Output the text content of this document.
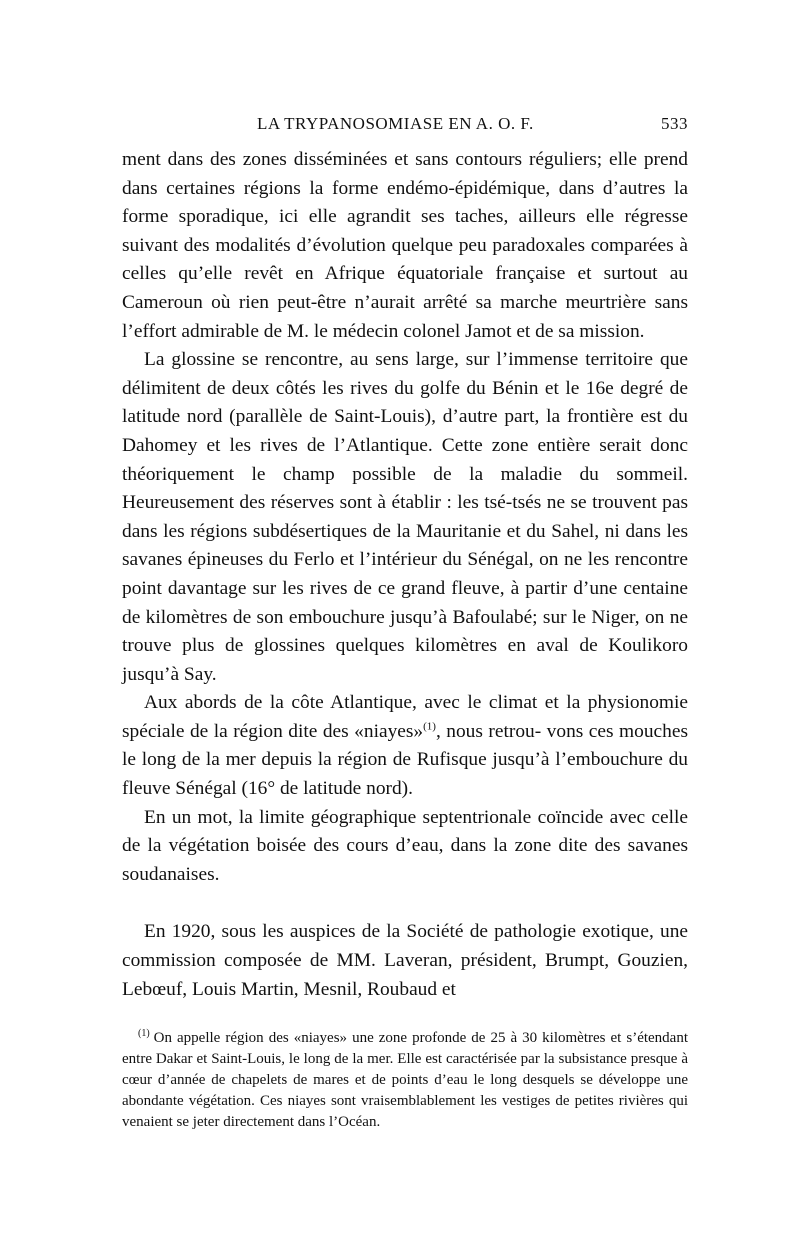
LA TRYPANOSOMIASE EN A. O. F.	533

ment dans des zones disséminées et sans contours réguliers; elle prend dans certaines régions la forme endémo-épidémique, dans d’autres la forme sporadique, ici elle agrandit ses taches, ailleurs elle régresse suivant des modalités d’évolution quelque peu paradoxales comparées à celles qu’elle revêt en Afrique équatoriale française et surtout au Cameroun où rien peut-être n’aurait arrêté sa marche meurtrière sans l’effort admirable de M. le médecin colonel Jamot et de sa mission.

La glossine se rencontre, au sens large, sur l’immense territoire que délimitent de deux côtés les rives du golfe du Bénin et le 16e degré de latitude nord (parallèle de Saint-Louis), d’autre part, la frontière est du Dahomey et les rives de l’Atlantique. Cette zone entière serait donc théoriquement le champ possible de la maladie du sommeil. Heureusement des réserves sont à établir : les tsé-tsés ne se trouvent pas dans les régions subdésertiques de la Mauritanie et du Sahel, ni dans les savanes épineuses du Ferlo et l’intérieur du Sénégal, on ne les rencontre point davantage sur les rives de ce grand fleuve, à partir d’une centaine de kilomètres de son embouchure jusqu’à Bafoulabé; sur le Niger, on ne trouve plus de glossines quelques kilomètres en aval de Koulikoro jusqu’à Say.

Aux abords de la côte Atlantique, avec le climat et la physionomie spéciale de la région dite des «niayes»$^{(1)}$, nous retrou- vons ces mouches le long de la mer depuis la région de Rufisque jusqu’à l’embouchure du fleuve Sénégal (16° de latitude nord).

En un mot, la limite géographique septentrionale coïncide avec celle de la végétation boisée des cours d’eau, dans la zone dite des savanes soudanaises.

En 1920, sous les auspices de la Société de pathologie exotique, une commission composée de MM. Laveran, président, Brumpt, Gouzien, Lebœuf, Louis Martin, Mesnil, Roubaud et

$^{(1)}$ On appelle région des «niayes» une zone profonde de 25 à 30 kilomètres et s’étendant entre Dakar et Saint-Louis, le long de la mer. Elle est caractérisée par la subsistance presque à cœur d’année de chapelets de mares et de points d’eau le long desquels se développe une abondante végétation. Ces niayes sont vraisemblablement les vestiges de petites rivières qui venaient se jeter directement dans l’Océan.
